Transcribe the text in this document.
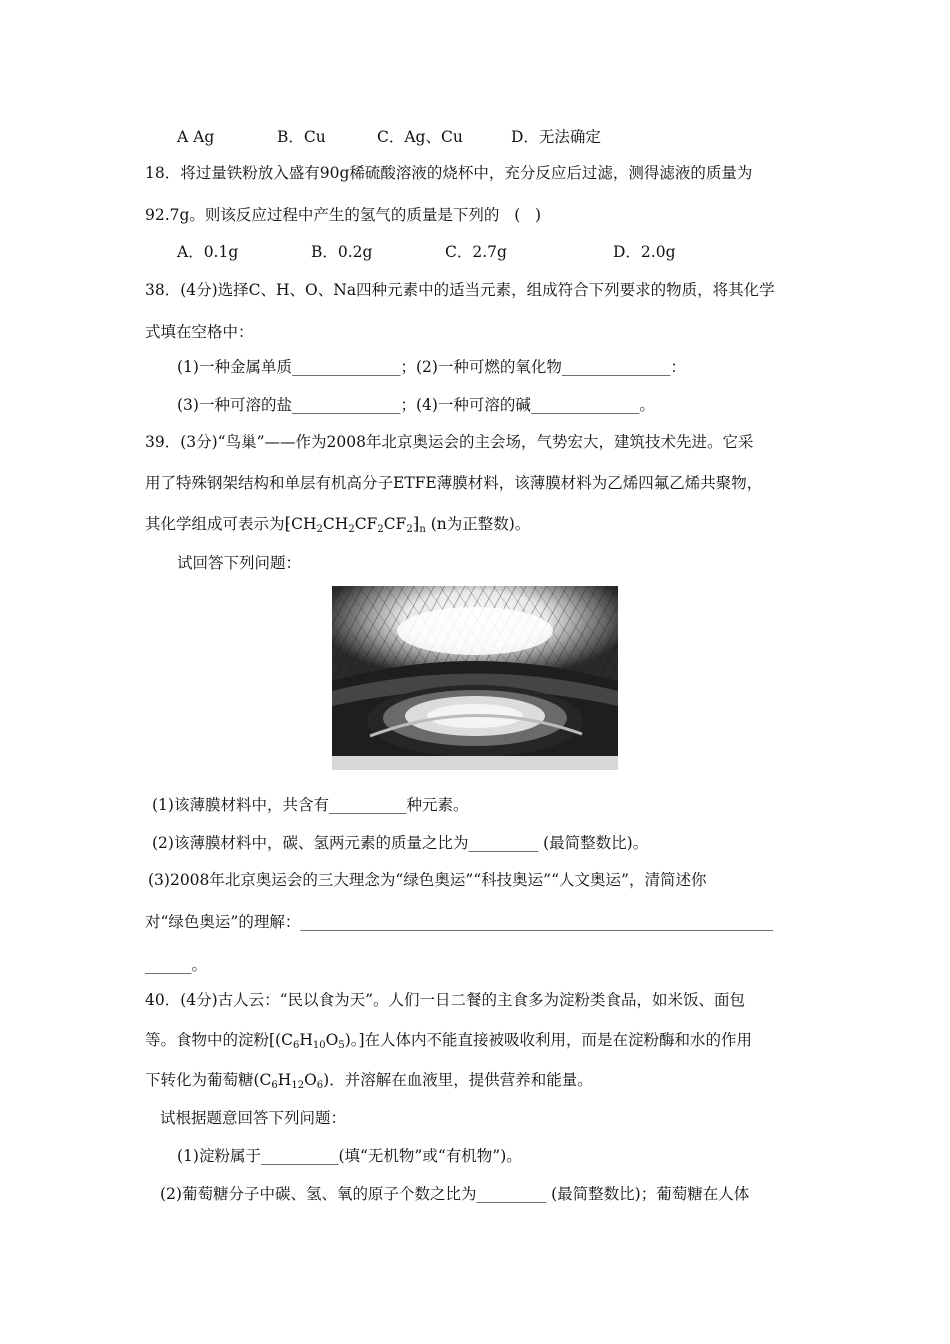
A Ag	B．Cu	C．Ag、Cu	D．无法确定
18．将过量铁粉放入盛有90g稀硫酸溶液的烧杯中，充分反应后过滤，测得滤液的质量为
92.7g。则该反应过程中产生的氢气的质量是下列的   (   )
A．0.1g	B．0.2g	C．2.7g	D．2.0g
38．(4分)选择C、H、O、Na四种元素中的适当元素，组成符合下列要求的物质，将其化学
式填在空格中：
(1)一种金属单质______________；(2)一种可燃的氧化物______________：
(3)一种可溶的盐______________；(4)一种可溶的碱______________。
39．(3分)“鸟巢”——作为2008年北京奥运会的主会场，气势宏大，建筑技术先进。它采
用了特殊钢架结构和单层有机高分子ETFE薄膜材料，该薄膜材料为乙烯四氟乙烯共聚物，
其化学组成可表示为$⁅CH_2CH_2CF_2CF_2⁆_n$ (n为正整数)。
试回答下列问题：
(1)该薄膜材料中，共含有__________种元素。
(2)该薄膜材料中，碳、氢两元素的质量之比为_________ (最简整数比)。
(3)2008年北京奥运会的三大理念为“绿色奥运”“科技奥运”“人文奥运”，清简述你
对“绿色奥运”的理解：_____________________________________________________________
______。
40．(4分)古人云：“民以食为天”。人们一日二餐的主食多为淀粉类食品，如米饭、面包
等。食物中的淀粉[$(C_6H_{10}O_5)$。]在人体内不能直接被吸收利用，而是在淀粉酶和水的作用
下转化为葡萄糖$(C_6H_{12}O_6)$．并溶解在血液里，提供营养和能量。
试根据题意回答下列问题：
(1)淀粉属于__________(填“无机物”或“有机物”)。
(2)葡萄糖分子中碳、氢、氧的原子个数之比为_________ (最简整数比)；葡萄糖在人体
